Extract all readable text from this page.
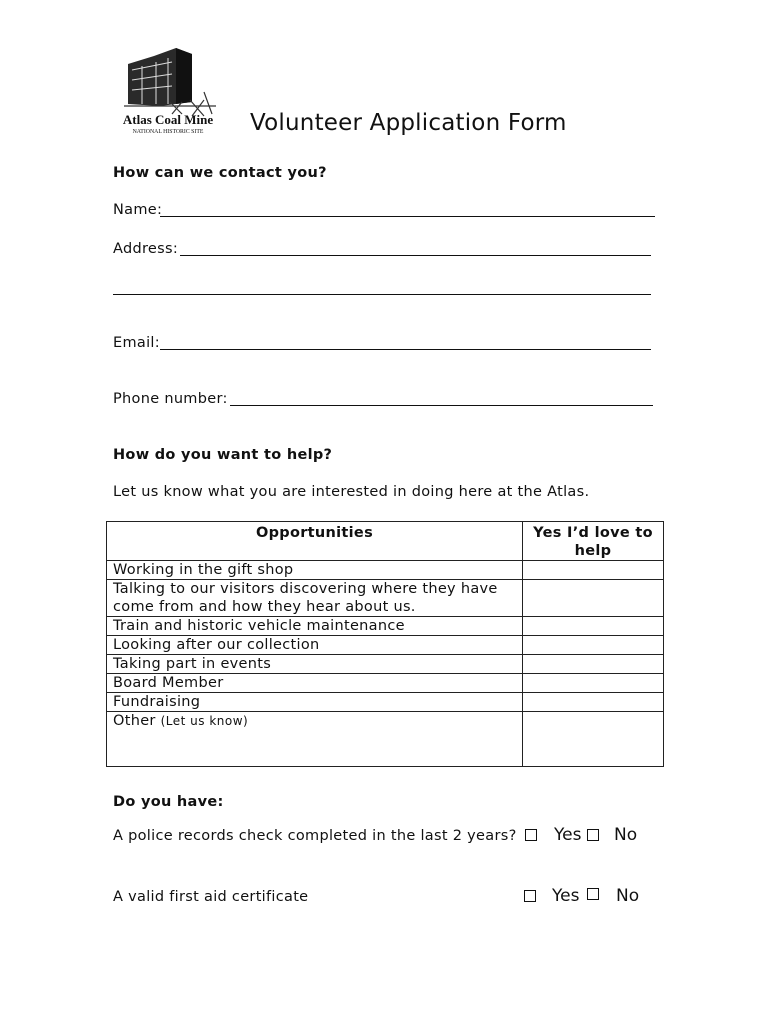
Atlas Coal Mine
NATIONAL HISTORIC SITE Volunteer Application Form
How can we contact you?
Name:
Address:
Email:
Phone number:
How do you want to help?
Let us know what you are interested in doing here at the Atlas.
Opportunities	Yes I’d love to
help
Working in the gift shop	
Talking to our visitors discovering where they have
come from and how they hear about us.	
Train and historic vehicle maintenance	
Looking after our collection	
Taking part in events	
Board Member	
Fundraising	
Other (Let us know)	
Do you have:
A police records check completed in the last 2 years? Yes No
A valid first aid certificate	Yes No
